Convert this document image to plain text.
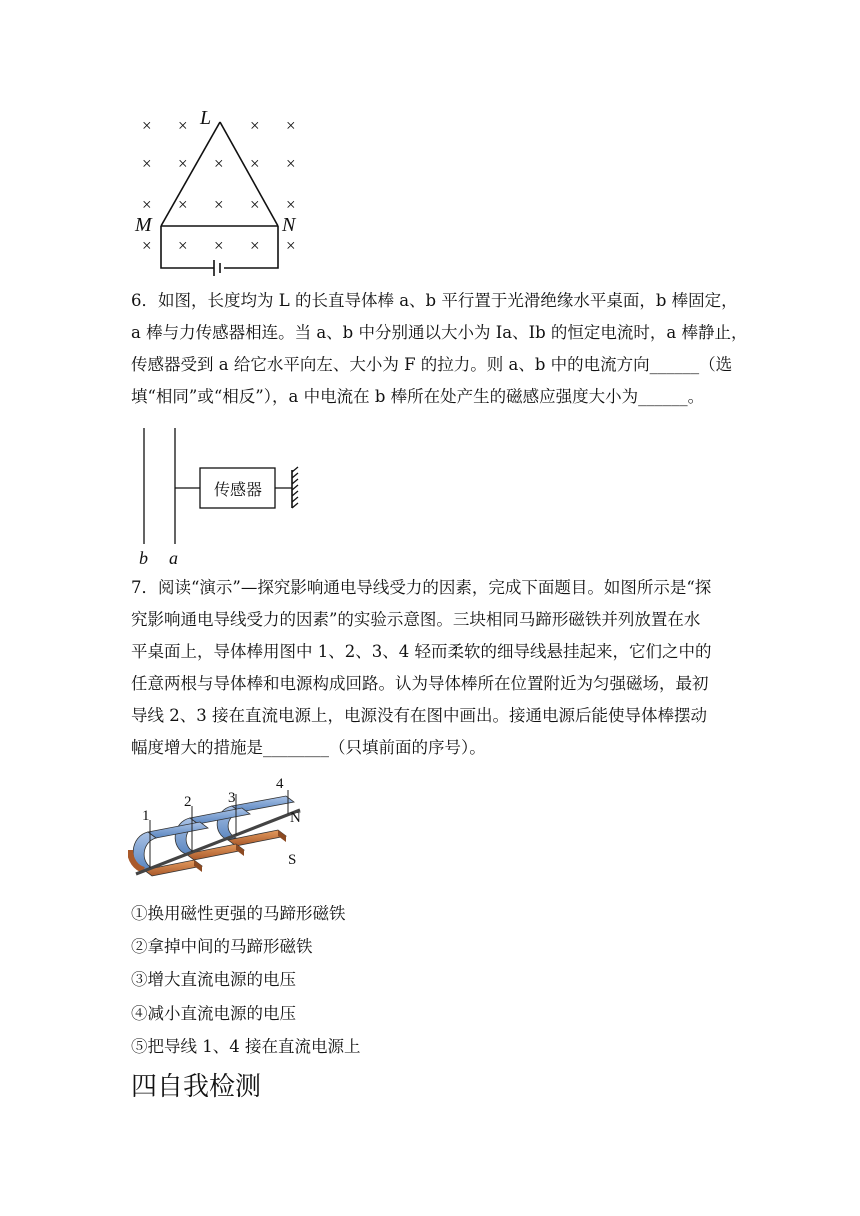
× ×	× ×
× × × × ×
× × × × ×
× × × × ×
L
M	N
6．如图，长度均为 L 的长直导体棒 a、b 平行置于光滑绝缘水平桌面，b 棒固定，
a 棒与力传感器相连。当 a、b 中分别通以大小为 Ia、Ib 的恒定电流时，a 棒静止，
传感器受到 a 给它水平向左、大小为 F 的拉力。则 a、b 中的电流方向______（选
填“相同”或“相反”），a 中电流在 b 棒所在处产生的磁感应强度大小为______。
传感器
b a
7．阅读“演示”—探究影响通电导线受力的因素，完成下面题目。如图所示是“探
究影响通电导线受力的因素”的实验示意图。三块相同马蹄形磁铁并列放置在水
平桌面上，导体棒用图中 1、2、3、4 轻而柔软的细导线悬挂起来，它们之中的
任意两根与导体棒和电源构成回路。认为导体棒所在位置附近为匀强磁场，最初
导线 2、3 接在直流电源上，电源没有在图中画出。接通电源后能使导体棒摆动
幅度增大的措施是________（只填前面的序号）。
1
2 3
4
N
S
①换用磁性更强的马蹄形磁铁
②拿掉中间的马蹄形磁铁
③增大直流电源的电压
④减小直流电源的电压
⑤把导线 1、4 接在直流电源上
四自我检测
